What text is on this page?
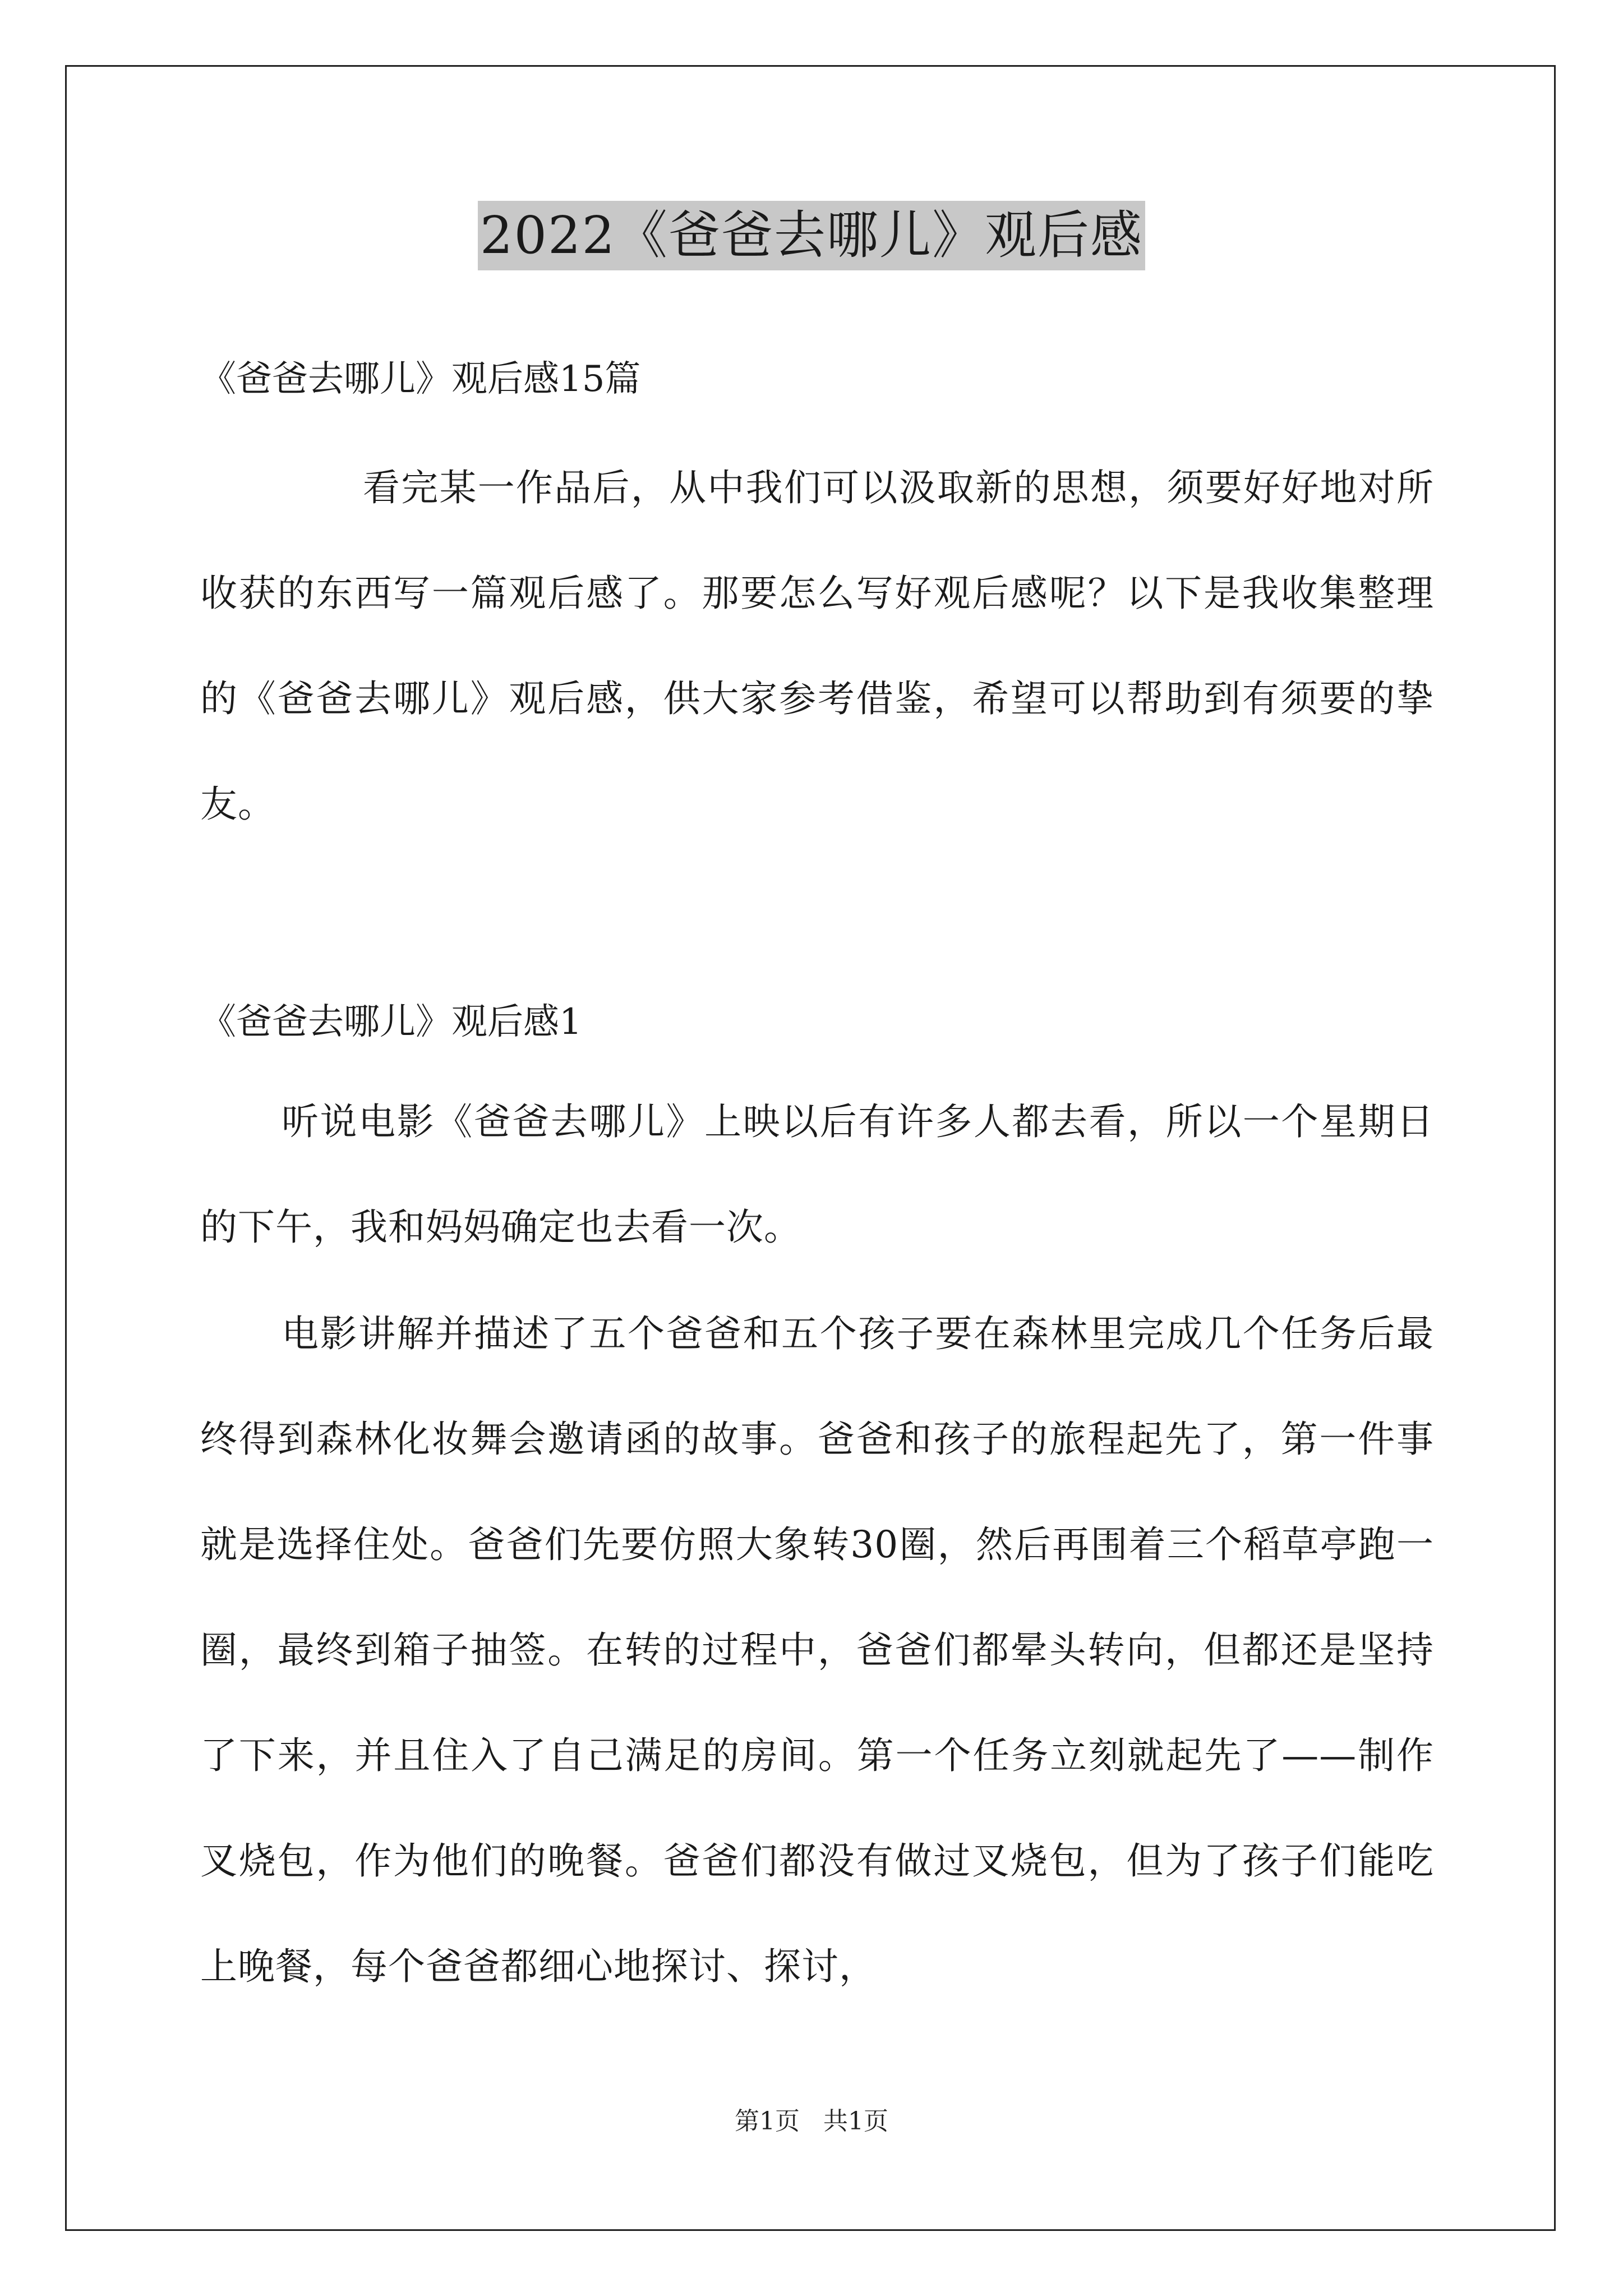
2022《爸爸去哪儿》观后感
《爸爸去哪儿》观后感15篇

看完某一作品后，从中我们可以汲取新的思想，须要好好地对所收获的东西写一篇观后感了。那要怎么写好观后感呢？以下是我收集整理的《爸爸去哪儿》观后感，供大家参考借鉴，希望可以帮助到有须要的挚友。

《爸爸去哪儿》观后感1

听说电影《爸爸去哪儿》上映以后有许多人都去看，所以一个星期日的下午，我和妈妈确定也去看一次。

电影讲解并描述了五个爸爸和五个孩子要在森林里完成几个任务后最终得到森林化妆舞会邀请函的故事。爸爸和孩子的旅程起先了，第一件事就是选择住处。爸爸们先要仿照大象转30圈，然后再围着三个稻草亭跑一圈，最终到箱子抽签。在转的过程中，爸爸们都晕头转向，但都还是坚持了下来，并且住入了自己满足的房间。第一个任务立刻就起先了——制作叉烧包，作为他们的晚餐。爸爸们都没有做过叉烧包，但为了孩子们能吃上晚餐，每个爸爸都细心地探讨、探讨，

第1页   共1页
